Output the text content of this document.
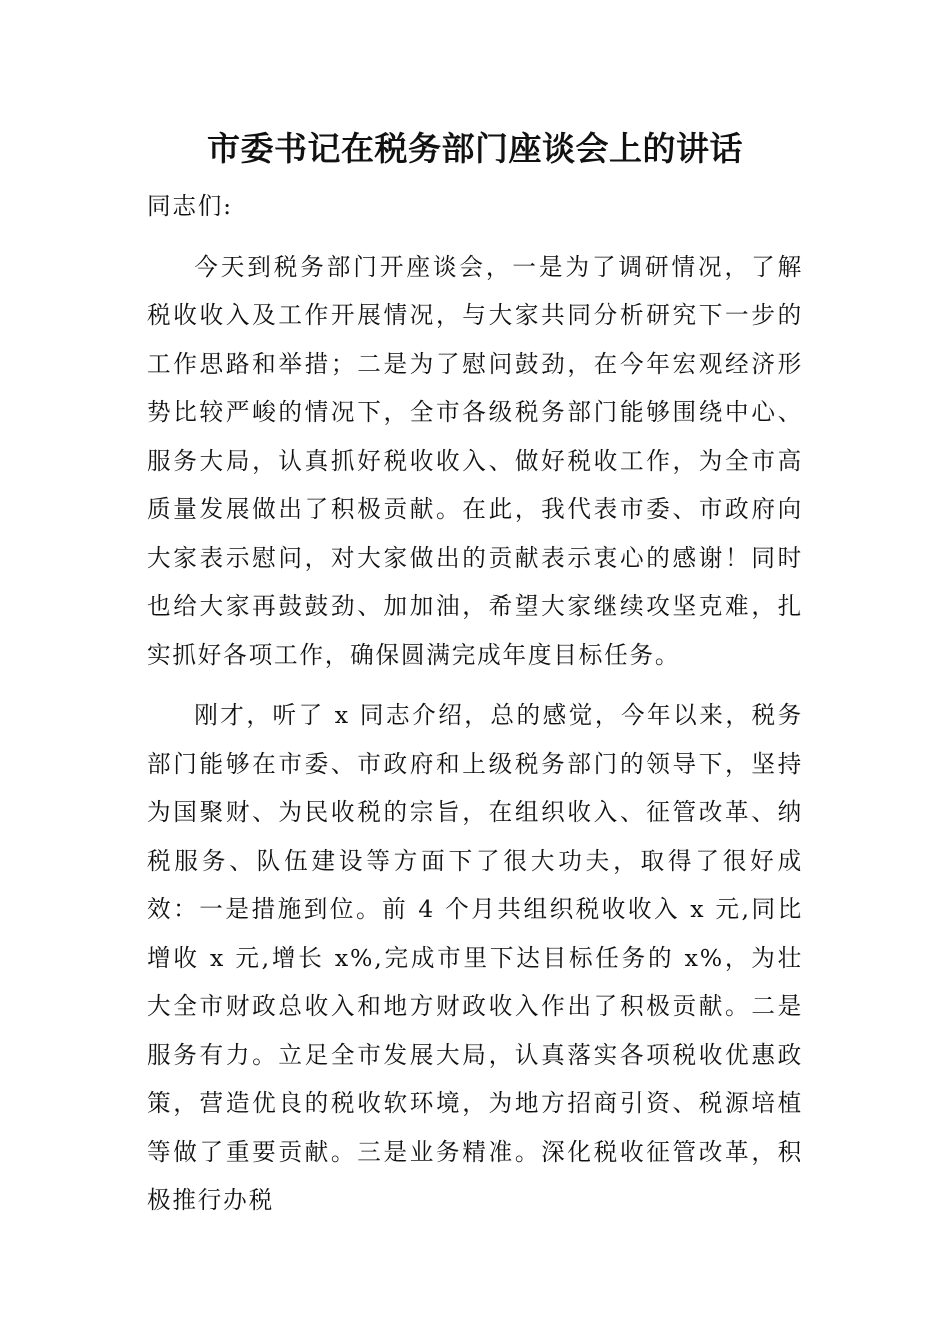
市委书记在税务部门座谈会上的讲话
同志们:
今天到税务部门开座谈会，一是为了调研情况，了解税收收入及工作开展情况，与大家共同分析研究下一步的工作思路和举措；二是为了慰问鼓劲，在今年宏观经济形势比较严峻的情况下，全市各级税务部门能够围绕中心、服务大局，认真抓好税收收入、做好税收工作，为全市高质量发展做出了积极贡献。在此，我代表市委、市政府向大家表示慰问，对大家做出的贡献表示衷心的感谢！同时也给大家再鼓鼓劲、加加油，希望大家继续攻坚克难，扎实抓好各项工作，确保圆满完成年度目标任务。
刚才，听了 x 同志介绍，总的感觉，今年以来，税务部门能够在市委、市政府和上级税务部门的领导下，坚持为国聚财、为民收税的宗旨，在组织收入、征管改革、纳税服务、队伍建设等方面下了很大功夫，取得了很好成效：一是措施到位。前 4 个月共组织税收收入 x 元,同比增收 x 元,增长 x%,完成市里下达目标任务的 x%，为壮大全市财政总收入和地方财政收入作出了积极贡献。二是服务有力。立足全市发展大局，认真落实各项税收优惠政策，营造优良的税收软环境，为地方招商引资、税源培植等做了重要贡献。三是业务精准。深化税收征管改革，积极推行办税
